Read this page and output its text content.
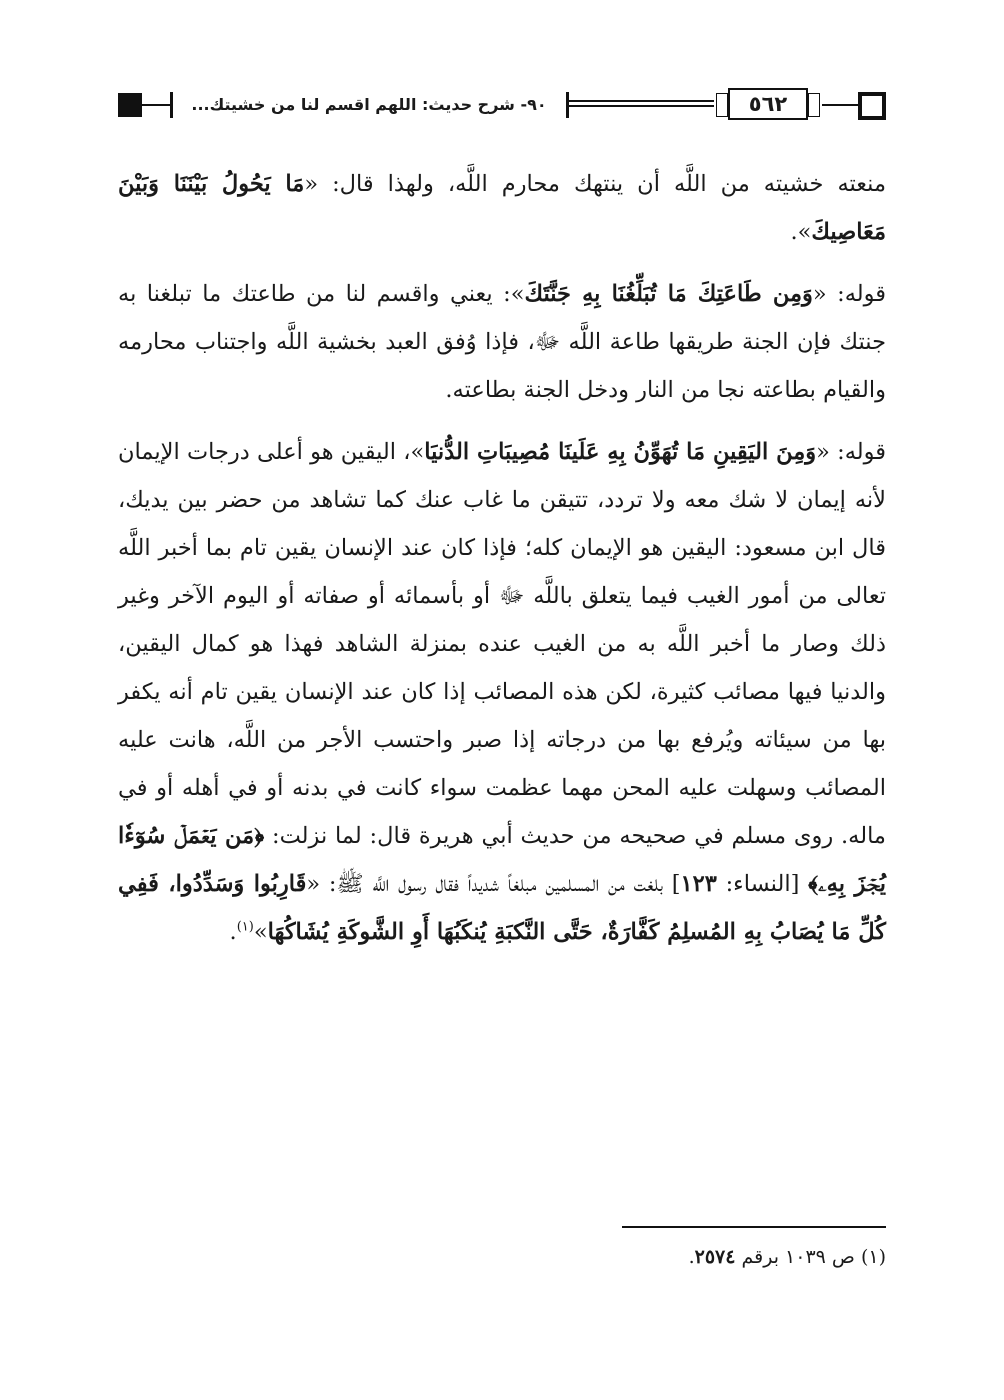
٩٠- شرح حديث: اللهم اقسم لنا من خشيتك...	٥٦٢

منعته خشيته من اللَّه أن ينتهك محارم اللَّه، ولهذا قال: «مَا يَحُولُ بَيْنَنَا وَبَيْنَ مَعَاصِيكَ».

قوله: «وَمِن طَاعَتِكَ مَا تُبَلِّغُنَا بِهِ جَنَّتَكَ»: يعني واقسم لنا من طاعتك ما تبلغنا به جنتك فإن الجنة طريقها طاعة اللَّه ﷻ، فإذا وُفق العبد بخشية اللَّه واجتناب محارمه والقيام بطاعته نجا من النار ودخل الجنة بطاعته.

قوله: «وَمِنَ اليَقِينِ مَا تُهَوِّنُ بِهِ عَلَينَا مُصِيبَاتِ الدُّنيَا»، اليقين هو أعلى درجات الإيمان لأنه إيمان لا شك معه ولا تردد، تتيقن ما غاب عنك كما تشاهد من حضر بين يديك، قال ابن مسعود: اليقين هو الإيمان كله؛ فإذا كان عند الإنسان يقين تام بما أخبر اللَّه تعالى من أمور الغيب فيما يتعلق باللَّه ﷻ أو بأسمائه أو صفاته أو اليوم الآخر وغير ذلك وصار ما أخبر اللَّه به من الغيب عنده بمنزلة الشاهد فهذا هو كمال اليقين، والدنيا فيها مصائب كثيرة، لكن هذه المصائب إذا كان عند الإنسان يقين تام أنه يكفر بها من سيئاته ويُرفع بها من درجاته إذا صبر واحتسب الأجر من اللَّه، هانت عليه المصائب وسهلت عليه المحن مهما عظمت سواء كانت في بدنه أو في أهله أو في ماله. روى مسلم في صحيحه من حديث أبي هريرة قال: لما نزلت: ﴿مَن يَعۡمَلۡ سُوٓءٗا يُجۡزَ بِهِۦ﴾ [النساء: ١٢٣] بلغت من المسلمين مبلغاً شديداً فقال رسول اللَّه ﷺ: «قَارِبُوا وَسَدِّدُوا، فَفِي كُلِّ مَا يُصَابُ بِهِ المُسلِمُ كَفَّارَةٌ، حَتَّى النَّكبَةِ يُنكَبُهَا أَوِ الشَّوكَةِ يُشَاكُهَا»$^{(١)}$.

(١) ص ١٠٣٩ برقم ٢٥٧٤.
